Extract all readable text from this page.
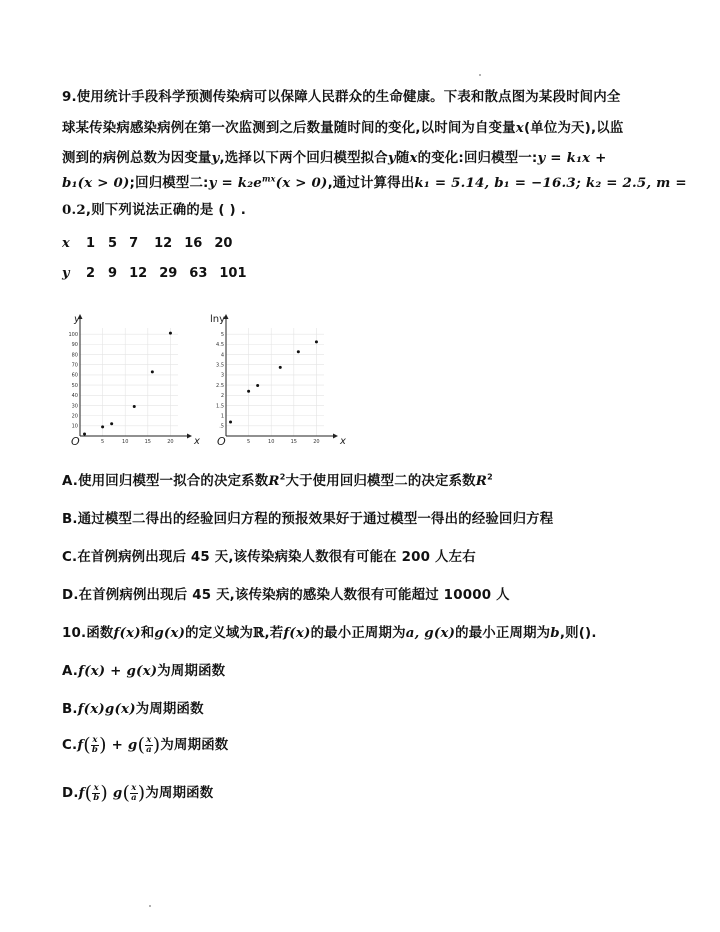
9.使用统计手段科学预测传染病可以保障人民群众的生命健康。下表和散点图为某段时间内全
球某传染病感染病例在第一次监测到之后数量随时间的变化,以时间为自变量x(单位为天),以监
测到的病例总数为因变量y,选择以下两个回归模型拟合y随x的变化:回归模型一:y = k₁x +
b₁(x > 0);回归模型二:y = $k_2e^{mx}(x > 0)$,通过计算得出k₁ = 5.14, b₁ = −16.3; k₂ = 2.5, m =
0.2,则下列说法正确的是 ( ) .
x	1 5 7 12 16 20
y	2 9 12 29 63 101
10
20
30
40
50
60
70
80
90
100
5	10	15	20
y
x
O
.5
1
1.5
2
2.5
3
3.5
4
4.5
5
5	10	15	20
lny
x
O
A.使用回归模型一拟合的决定系数$R^2$大于使用回归模型二的决定系数$R^2$
B.通过模型二得出的经验回归方程的预报效果好于通过模型一得出的经验回归方程
C.在首例病例出现后 45 天,该传染病染人数很有可能在 200 人左右
D.在首例病例出现后 45 天,该传染病的感染人数很有可能超过 10000 人
10.函数f(x)和g(x)的定义域为ℝ,若f(x)的最小正周期为a, g(x)的最小正周期为b,则().
A.f(x) + g(x)为周期函数
B.f(x)g(x)为周期函数
$C.f( \frac{x}{b}$ ) + $g( \frac{x}{a}$ )为周期函数
$D.f( \frac{x}{b}$ ) $g( \frac{x}{a}$ )为周期函数
